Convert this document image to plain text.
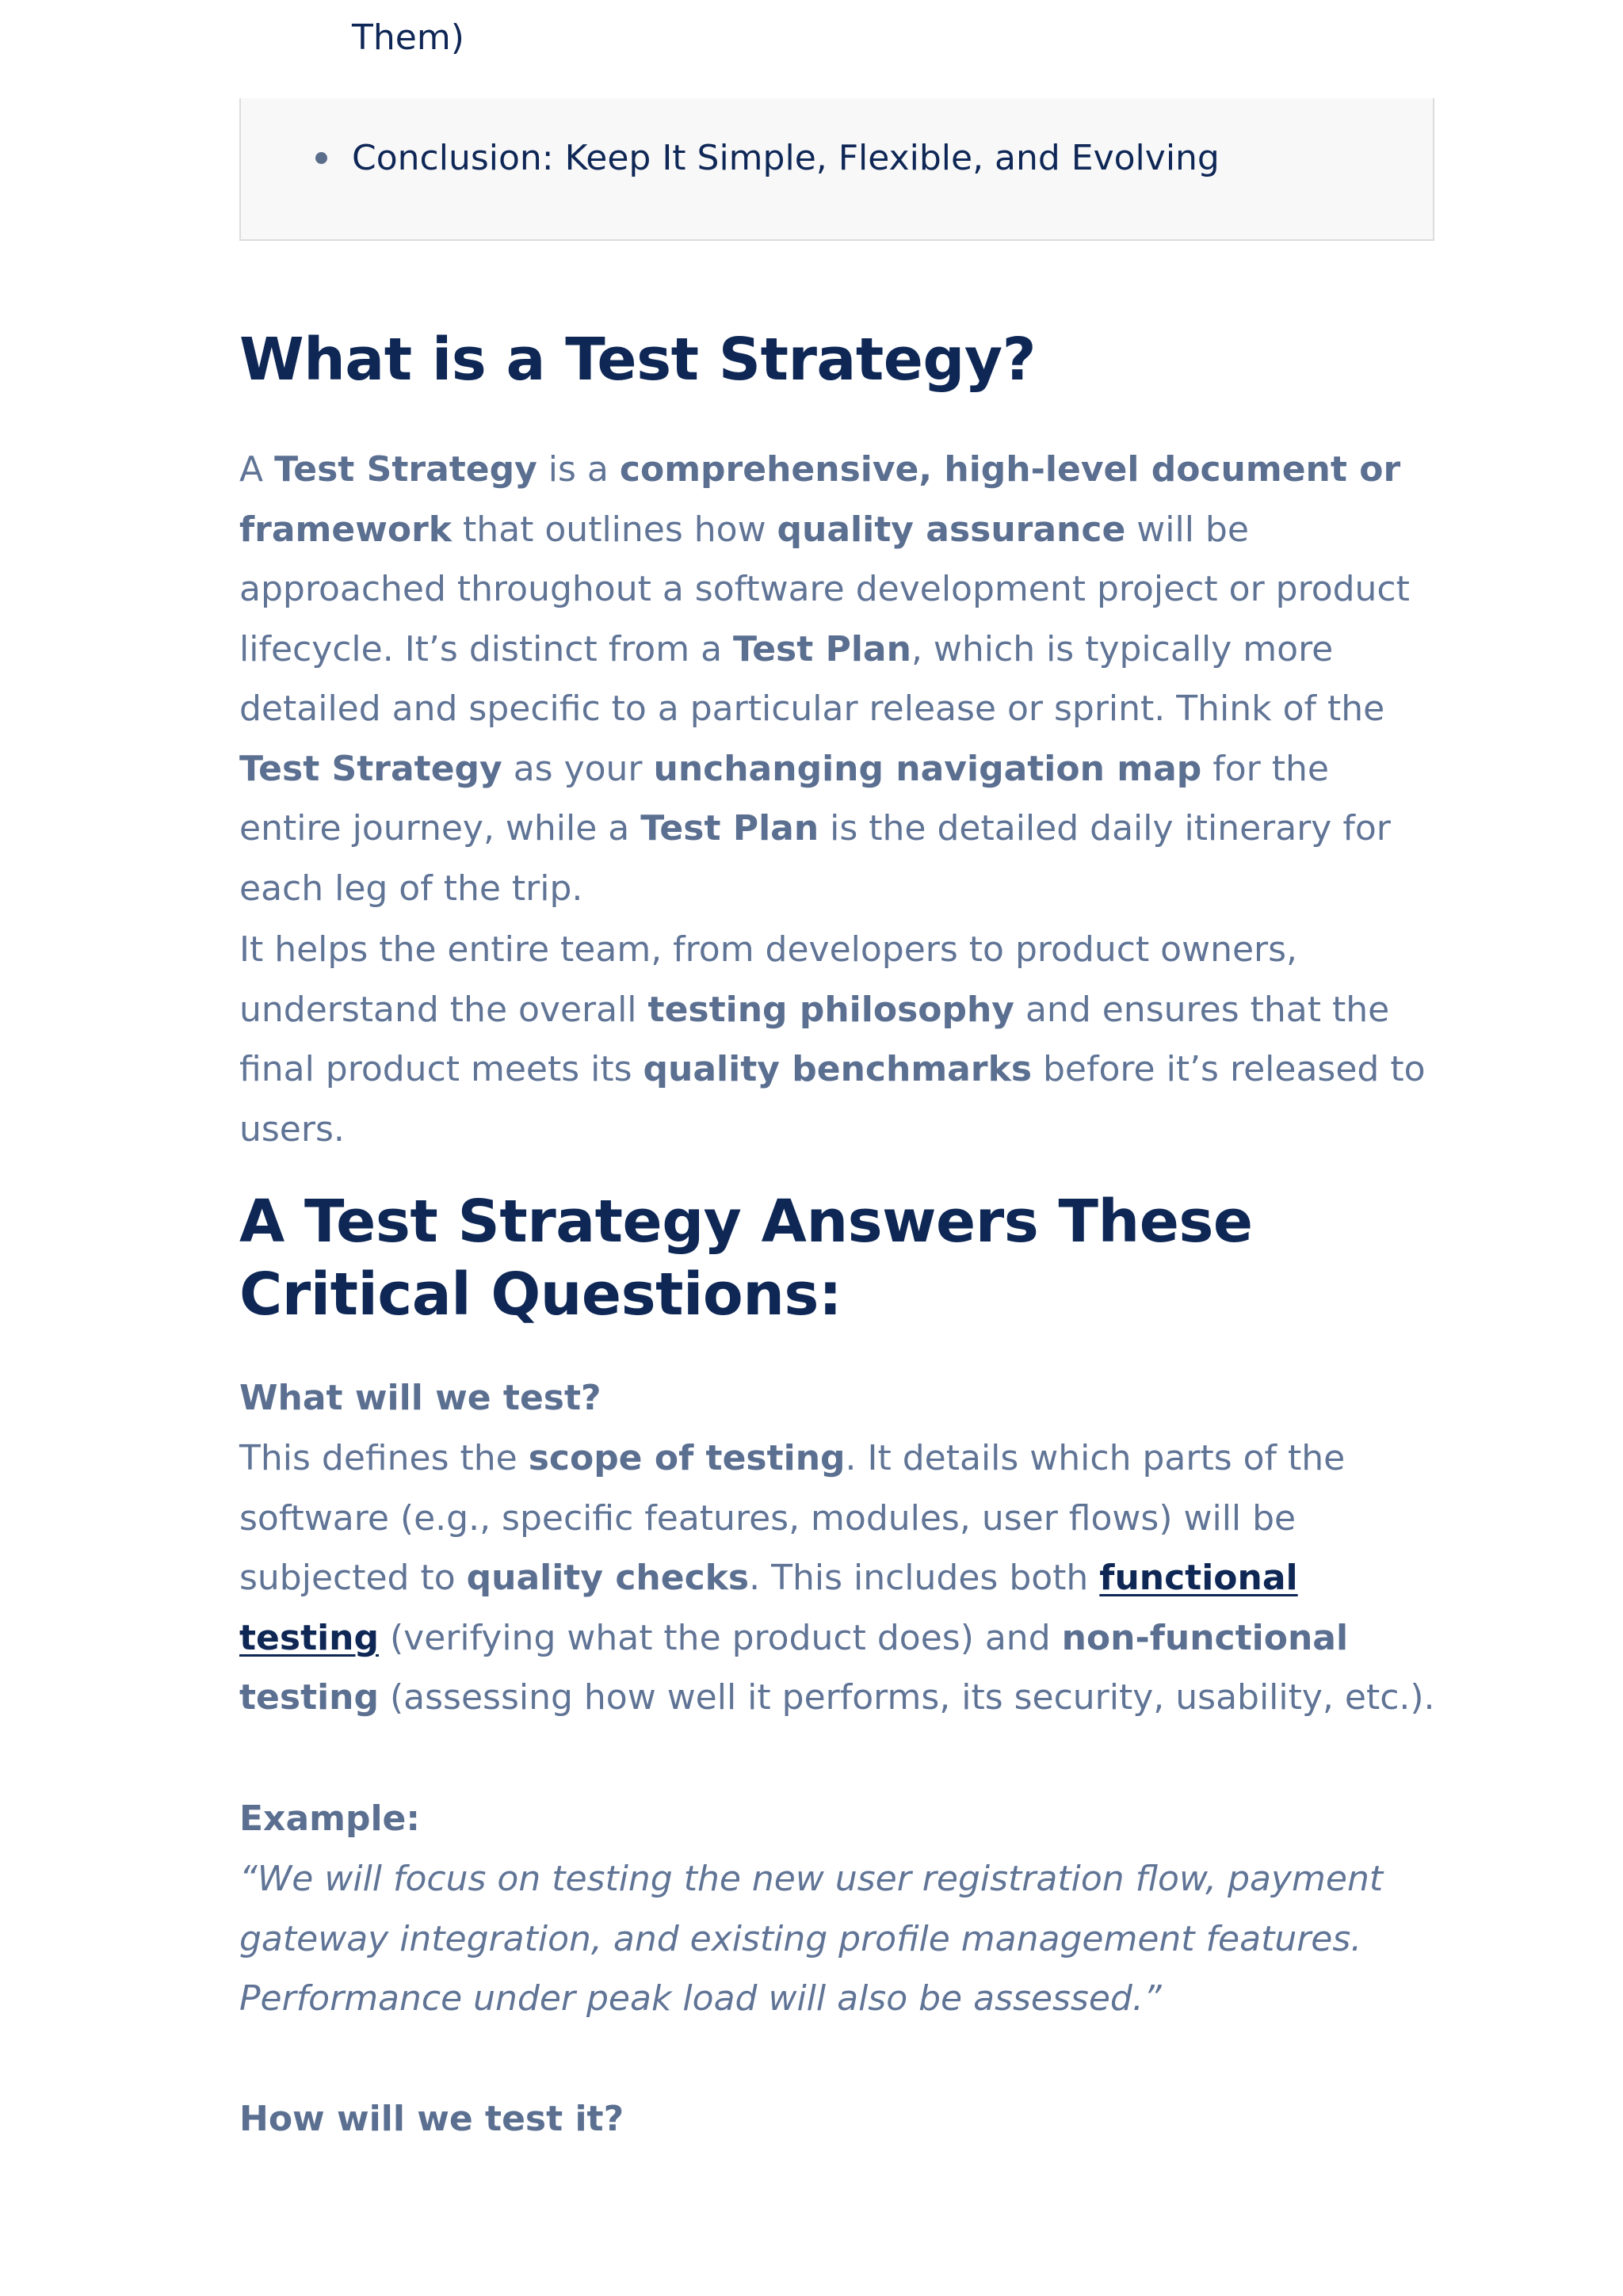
Them)
Conclusion: Keep It Simple, Flexible, and Evolving
What is a Test Strategy?

A Test Strategy is a comprehensive, high-level document or framework that outlines how quality assurance will be approached throughout a software development project or product lifecycle. It’s distinct from a Test Plan, which is typically more detailed and specific to a particular release or sprint. Think of the Test Strategy as your unchanging navigation map for the entire journey, while a Test Plan is the detailed daily itinerary for each leg of the trip.

It helps the entire team, from developers to product owners, understand the overall testing philosophy and ensures that the final product meets its quality benchmarks before it’s released to users.

A Test Strategy Answers These Critical Questions:

What will we test?

This defines the scope of testing. It details which parts of the software (e.g., specific features, modules, user flows) will be subjected to quality checks. This includes both functional testing (verifying what the product does) and non-functional testing (assessing how well it performs, its security, usability, etc.).

Example:

“We will focus on testing the new user registration flow, payment gateway integration, and existing profile management features. Performance under peak load will also be assessed.”

How will we test it?
